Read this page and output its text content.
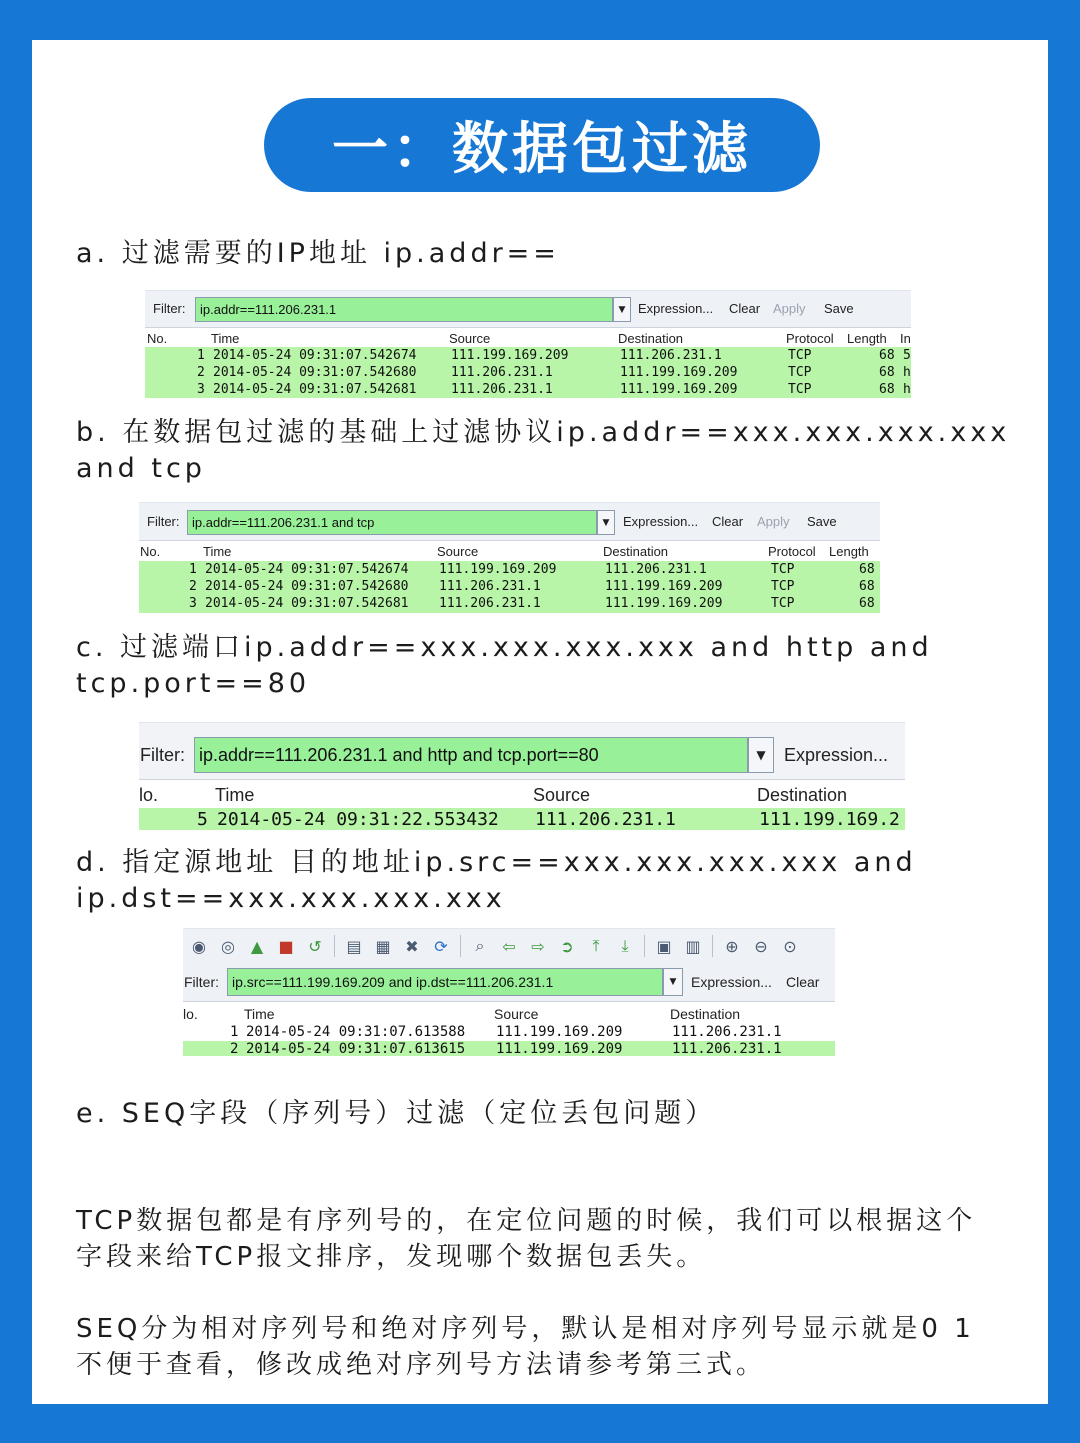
一：数据包过滤

a. 过滤需要的IP地址 ip.addr==

Filter:	ip.addr==111.206.231.1	▼ Expression... Clear Apply Save
No.	Time	Source	Destination	Protocol Length In
1 2014-05-24 09:31:07.542674	111.199.169.209	111.206.231.1	TCP	68 5
2 2014-05-24 09:31:07.542680	111.206.231.1	111.199.169.209	TCP	68 h
3 2014-05-24 09:31:07.542681	111.206.231.1	111.199.169.209	TCP	68 h

b. 在数据包过滤的基础上过滤协议ip.addr==xxx.xxx.xxx.xxx

and tcp

Filter: ip.addr==111.206.231.1 and tcp	▼ Expression... Clear Apply Save
No.	Time	Source	Destination	Protocol Length
1 2014-05-24 09:31:07.542674 111.199.169.209	111.206.231.1	TCP	68
2 2014-05-24 09:31:07.542680 111.206.231.1	111.199.169.209	TCP	68
3 2014-05-24 09:31:07.542681 111.206.231.1	111.199.169.209	TCP	68

c. 过滤端口ip.addr==xxx.xxx.xxx.xxx and http and

tcp.port==80

Filter: ip.addr==111.206.231.1 and http and tcp.port==80	▼ Expression...
lo.	Time	Source	Destination
5 2014-05-24 09:31:22.553432 111.206.231.1	111.199.169.2

d. 指定源地址 目的地址ip.src==xxx.xxx.xxx.xxx and

ip.dst==xxx.xxx.xxx.xxx

◉ ◎ ▲ ■ ↺ ▤ ▦ ✖ ⟳	⌕	⇦ ⇨ ➲	⤒	⤓	▣ ▥ ⊕ ⊖ ⊙
Filter: ip.src==111.199.169.209 and ip.dst==111.206.231.1	▼ Expression... Clear
lo.	Time	Source	Destination
1 2014-05-24 09:31:07.613588 111.199.169.209	111.206.231.1
2 2014-05-24 09:31:07.613615 111.199.169.209	111.206.231.1

e. SEQ字段（序列号）过滤（定位丢包问题）

TCP数据包都是有序列号的，在定位问题的时候，我们可以根据这个

字段来给TCP报文排序，发现哪个数据包丢失。

SEQ分为相对序列号和绝对序列号，默认是相对序列号显示就是0 1

不便于查看，修改成绝对序列号方法请参考第三式。
